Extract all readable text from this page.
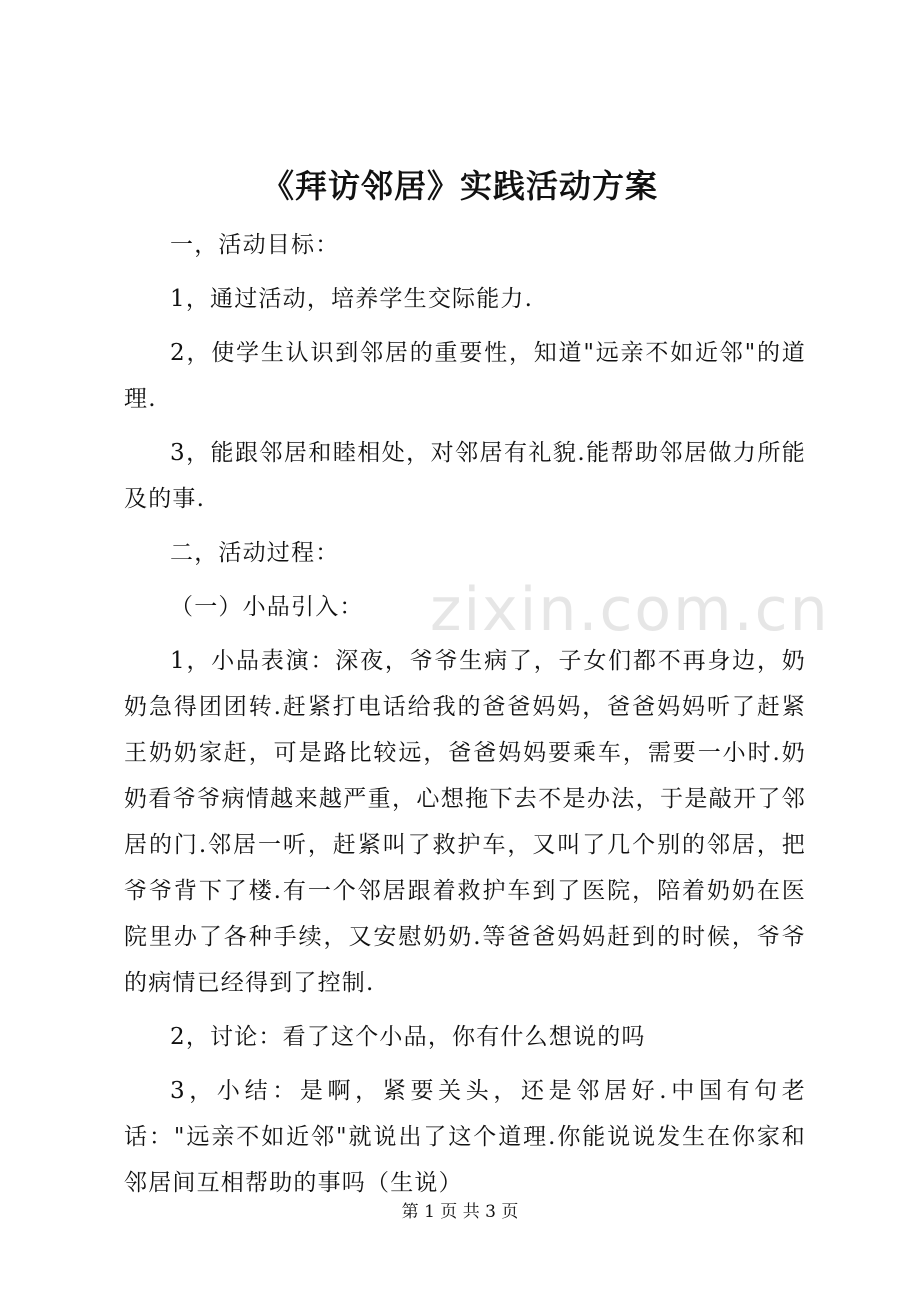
zixin.com.cn
《拜访邻居》实践活动方案

一，活动目标：

1，通过活动，培养学生交际能力.

2，使学生认识到邻居的重要性，知道"远亲不如近邻"的道理.

3，能跟邻居和睦相处，对邻居有礼貌.能帮助邻居做力所能及的事.

二，活动过程：

（一）小品引入：

1，小品表演：深夜，爷爷生病了，子女们都不再身边，奶奶急得团团转.赶紧打电话给我的爸爸妈妈，爸爸妈妈听了赶紧王奶奶家赶，可是路比较远，爸爸妈妈要乘车，需要一小时.奶奶看爷爷病情越来越严重，心想拖下去不是办法，于是敲开了邻居的门.邻居一听，赶紧叫了救护车，又叫了几个别的邻居，把爷爷背下了楼.有一个邻居跟着救护车到了医院，陪着奶奶在医院里办了各种手续，又安慰奶奶.等爸爸妈妈赶到的时候，爷爷的病情已经得到了控制.

2，讨论：看了这个小品，你有什么想说的吗

3，小结：是啊，紧要关头，还是邻居好.中国有句老话："远亲不如近邻"就说出了这个道理.你能说说发生在你家和邻居间互相帮助的事吗（生说）

第 1 页 共 3 页
